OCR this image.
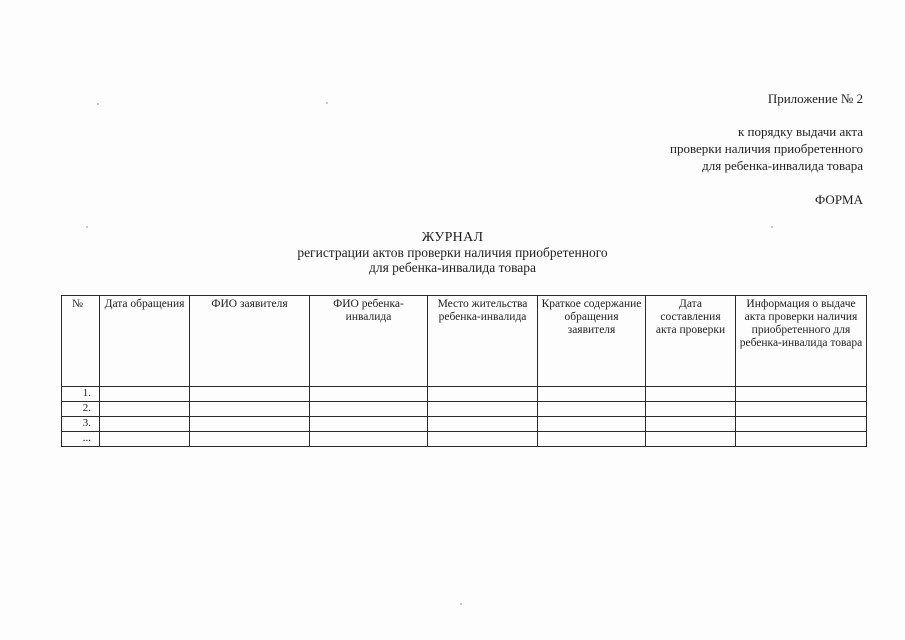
Приложение № 2
к порядку выдачи акта
проверки наличия приобретенного
для ребенка-инвалида товара
ФОРМА
ЖУРНАЛ
регистрации актов проверки наличия приобретенного
для ребенка-инвалида товара
№	Дата обращения	ФИО заявителя	ФИО ребенка-инвалида	Место жительства ребенка-инвалида	Краткое содержание обращения заявителя	Дата составления акта проверки	Информация о выдаче акта проверки наличия приобретенного для ребенка-инвалида товара
1.							
2.							
3.							
...							
